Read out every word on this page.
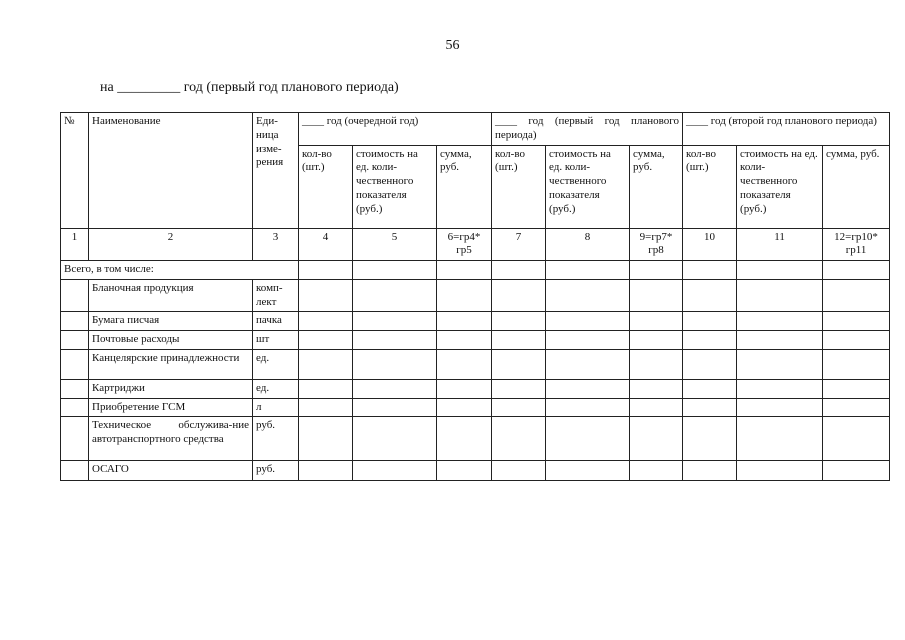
56
на _________ год (первый год планового периода)
№	Наименование	Еди-ница изме-рения	____ год (очередной год)			____ год (первый год планового периода)			____ год (второй год планового периода)		
			кол-во (шт.)	стоимость на ед. коли-чественного показателя (руб.)	сумма, руб.	кол-во (шт.)	стоимость на ед. коли-чественного показателя (руб.)	сумма, руб.	кол-во (шт.)	стоимость на ед. коли-чественного показателя (руб.)	сумма, руб.
1	2	3	4	5	6=гр4* гр5	7	8	9=гр7* гр8	10	11	12=гр10* гр11
Всего, в том числе:											
	Бланочная продукция	комп-лект									
	Бумага писчая	пачка									
	Почтовые расходы	шт									
	Канцелярские принадлежности	ед.									
	Картриджи	ед.									
	Приобретение ГСМ	л									
	Техническое обслужива-ние автотранспортного средства	руб.									
	ОСАГО	руб.									
